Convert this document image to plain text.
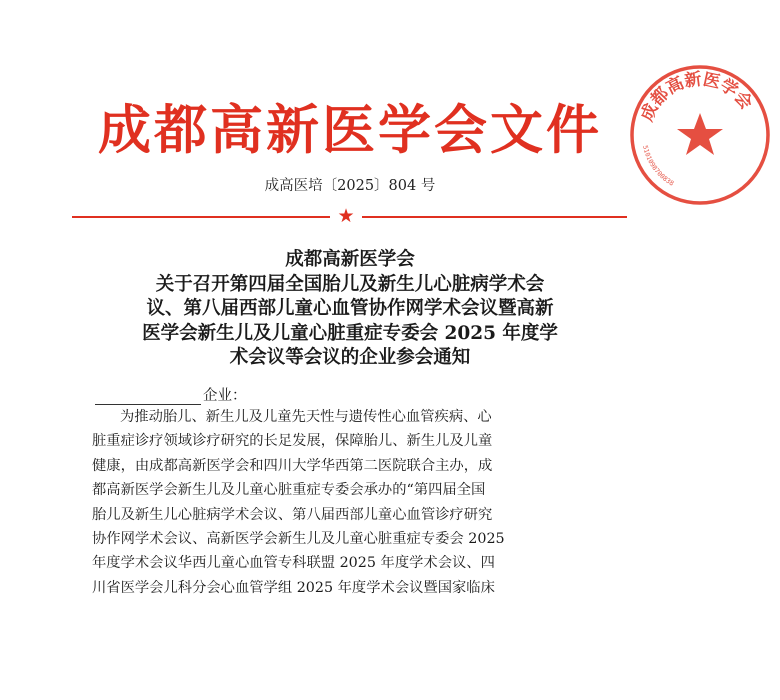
成都高新医学会文件
成高医培〔2025〕804 号
★
成都高新医学会
关于召开第四届全国胎儿及新生儿心脏病学术会
议、第八届西部儿童心血管协作网学术会议暨高新
医学会新生儿及儿童心脏重症专委会 2025 年度学
术会议等会议的企业参会通知
企业：
为推动胎儿、新生儿及儿童先天性与遗传性心血管疾病、心
脏重症诊疗领域诊疗研究的长足发展，保障胎儿、新生儿及儿童
健康，由成都高新医学会和四川大学华西第二医院联合主办，成
都高新医学会新生儿及儿童心脏重症专委会承办的“第四届全国
胎儿及新生儿心脏病学术会议、第八届西部儿童心血管诊疗研究
协作网学术会议、高新医学会新生儿及儿童心脏重症专委会 2025
年度学术会议华西儿童心血管专科联盟 2025 年度学术会议、四
川省医学会儿科分会心血管学组 2025 年度学术会议暨国家临床
成都高新医学会
5101098700838
